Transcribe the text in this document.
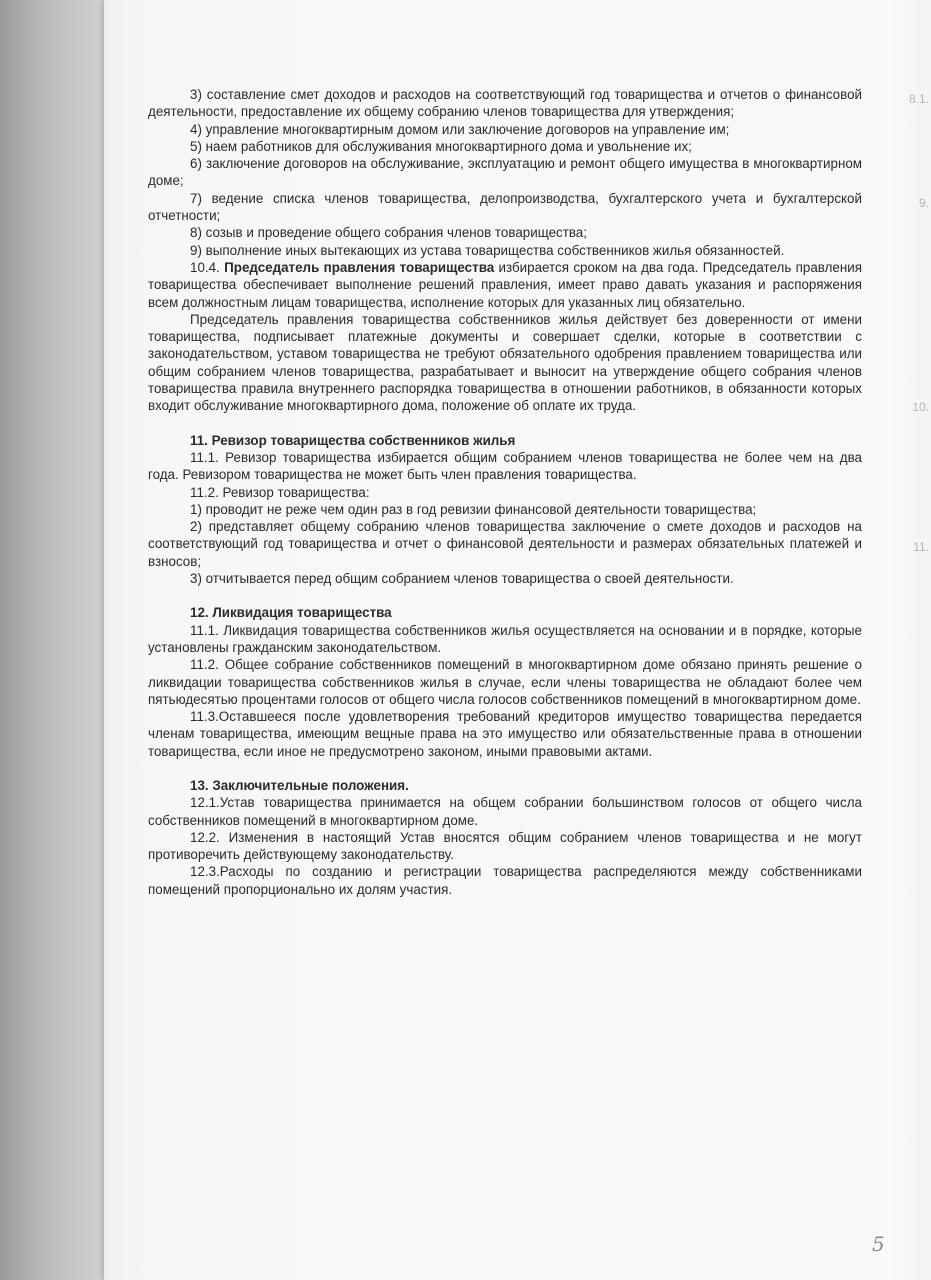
8.1.
9.
10.
11.

3) составление смет доходов и расходов на соответствующий год товарищества и отчетов о финансовой деятельности, предоставление их общему собранию членов товарищества для утверждения;

4) управление многоквартирным домом или заключение договоров на управление им;

5) наем работников для обслуживания многоквартирного дома и увольнение их;

6) заключение договоров на обслуживание, эксплуатацию и ремонт общего имущества в многоквартирном доме;

7) ведение списка членов товарищества, делопроизводства, бухгалтерского учета и бухгалтерской отчетности;

8) созыв и проведение общего собрания членов товарищества;

9) выполнение иных вытекающих из устава товарищества собственников жилья обязанностей.

10.4. Председатель правления товарищества избирается сроком на два года. Председатель правления товарищества обеспечивает выполнение решений правления, имеет право давать указания и распоряжения всем должностным лицам товарищества, исполнение которых для указанных лиц обязательно.

Председатель правления товарищества собственников жилья действует без доверенности от имени товарищества, подписывает платежные документы и совершает сделки, которые в соответствии с законодательством, уставом товарищества не требуют обязательного одобрения правлением товарищества или общим собранием членов товарищества, разрабатывает и выносит на утверждение общего собрания членов товарищества правила внутреннего распорядка товарищества в отношении работников, в обязанности которых входит обслуживание многоквартирного дома, положение об оплате их труда.

11. Ревизор товарищества собственников жилья

11.1. Ревизор товарищества избирается общим собранием членов товарищества не более чем на два года. Ревизором товарищества не может быть член правления товарищества.

11.2. Ревизор товарищества:

1) проводит не реже чем один раз в год ревизии финансовой деятельности товарищества;

2) представляет общему собранию членов товарищества заключение о смете доходов и расходов на соответствующий год товарищества и отчет о финансовой деятельности и размерах обязательных платежей и взносов;

3) отчитывается перед общим собранием членов товарищества о своей деятельности.

12. Ликвидация товарищества

11.1. Ликвидация товарищества собственников жилья осуществляется на основании и в порядке, которые установлены гражданским законодательством.

11.2. Общее собрание собственников помещений в многоквартирном доме обязано принять решение о ликвидации товарищества собственников жилья в случае, если члены товарищества не обладают более чем пятьюдесятью процентами голосов от общего числа голосов собственников помещений в многоквартирном доме.

11.3.Оставшееся после удовлетворения требований кредиторов имущество товарищества передается членам товарищества, имеющим вещные права на это имущество или обязательственные права в отношении товарищества, если иное не предусмотрено законом, иными правовыми актами.

13. Заключительные положения.

12.1.Устав товарищества принимается на общем собрании большинством голосов от общего числа собственников помещений в многоквартирном доме.

12.2. Изменения в настоящий Устав вносятся общим собранием членов товарищества и не могут противоречить действующему законодательству.

12.3.Расходы по созданию и регистрации товарищества распределяются между собственниками помещений пропорционально их долям участия.

5
